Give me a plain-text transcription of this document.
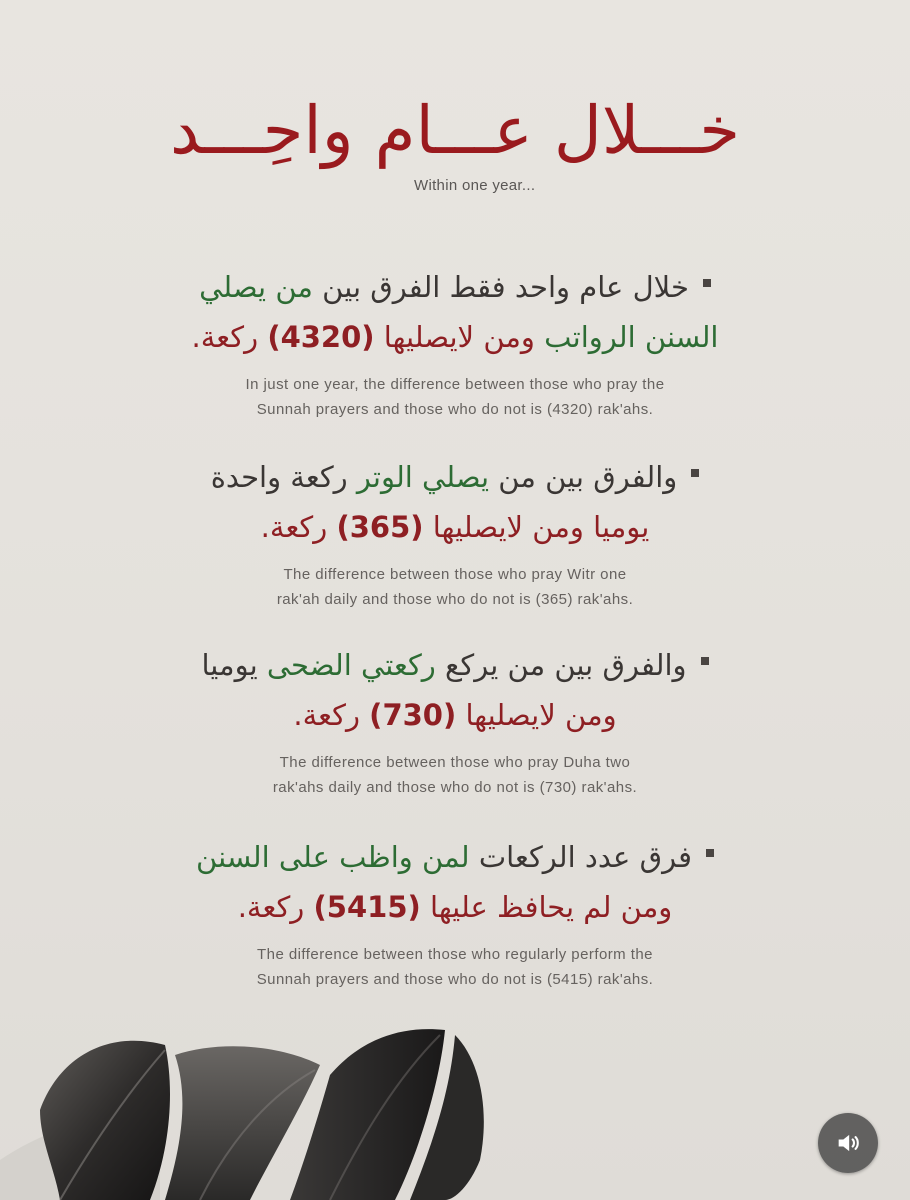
خـــلال عـــام واحِـــد
Within one year...
خلال عام واحد فقط الفرق بين من يصلي
السنن الرواتب ومن لايصليها (4320) ركعة.
In just one year, the difference between those who pray the
Sunnah prayers and those who do not is (4320) rak'ahs.
والفرق بين من يصلي الوتر ركعة واحدة
يوميا ومن لايصليها (365) ركعة.
The difference between those who pray Witr one
rak'ah daily and those who do not is (365) rak'ahs.
والفرق بين من يركع ركعتي الضحى يوميا
ومن لايصليها (730) ركعة.
The difference between those who pray Duha two
rak'ahs daily and those who do not is (730) rak'ahs.
فرق عدد الركعات لمن واظب على السنن
ومن لم يحافظ عليها (5415) ركعة.
The difference between those who regularly perform the
Sunnah prayers and those who do not is (5415) rak'ahs.
